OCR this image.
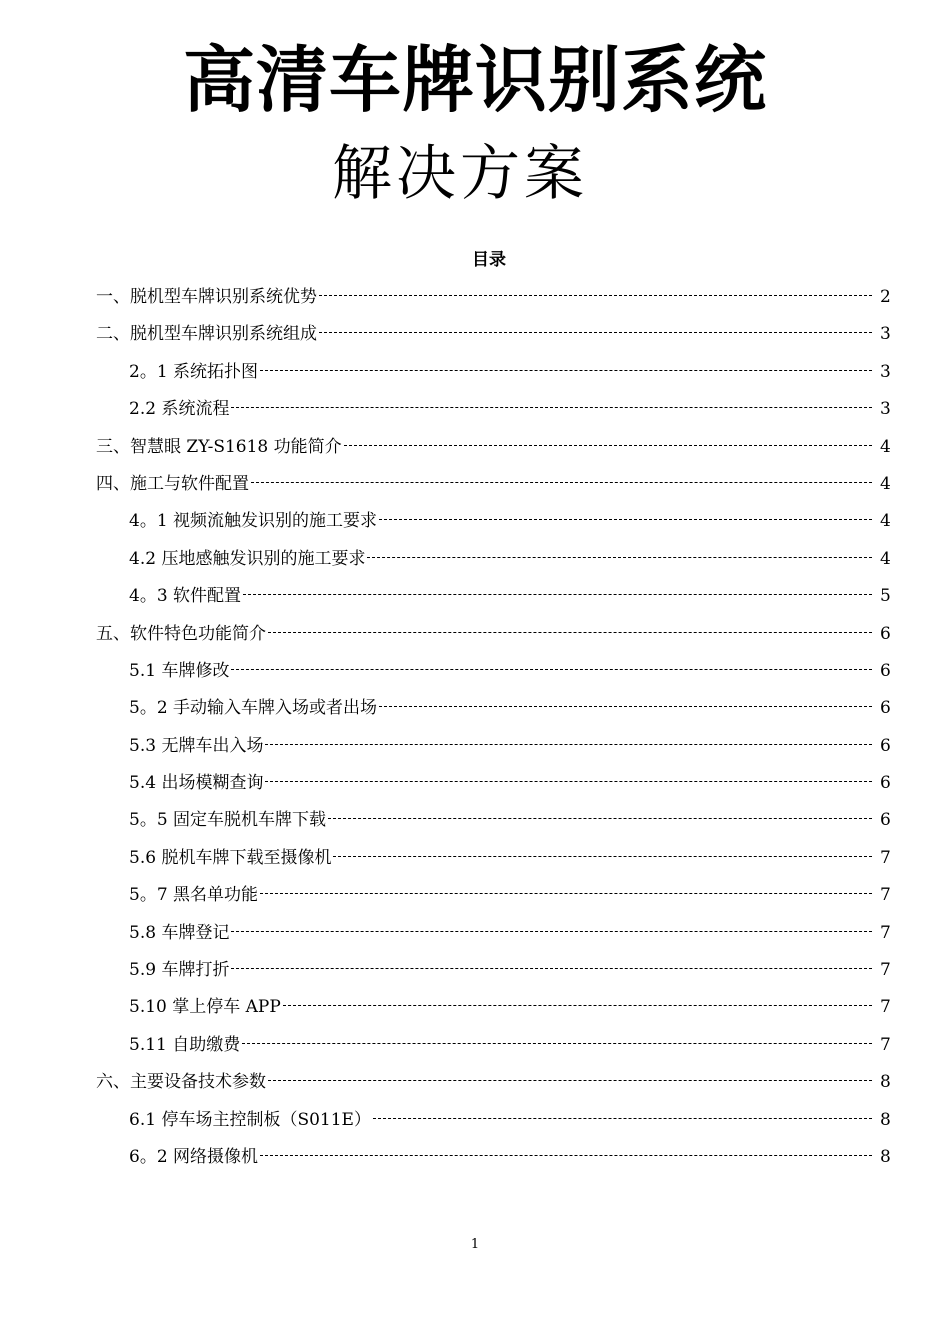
高清车牌识别系统
解决方案
目录
一、脱机型车牌识别系统优势	2
二、脱机型车牌识别系统组成	3
2。1 系统拓扑图	3
2.2 系统流程	3
三、智慧眼 ZY-S1618 功能简介	4
四、施工与软件配置	4
4。1 视频流触发识别的施工要求	4
4.2 压地感触发识别的施工要求	4
4。3 软件配置	5
五、软件特色功能简介	6
5.1 车牌修改	6
5。2 手动输入车牌入场或者出场	6
5.3 无牌车出入场	6
5.4 出场模糊查询	6
5。5 固定车脱机车牌下载	6
5.6 脱机车牌下载至摄像机	7
5。7 黑名单功能	7
5.8 车牌登记	7
5.9 车牌打折	7
5.10 掌上停车 APP	7
5.11 自助缴费	7
六、主要设备技术参数	8
6.1 停车场主控制板（S011E）	8
6。2 网络摄像机	8
1
